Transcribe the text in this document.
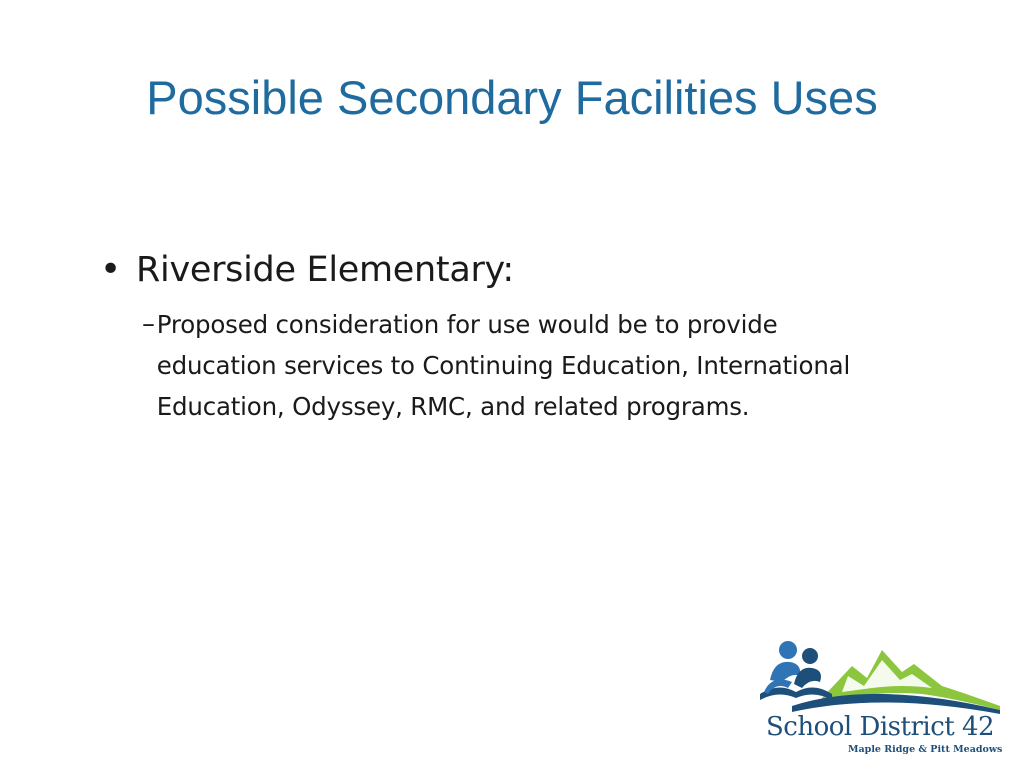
Possible Secondary Facilities Uses
• Riverside Elementary:
– Proposed consideration for use would be to provide education services to Continuing Education, International Education, Odyssey, RMC, and related programs.
School District 42
Maple Ridge & Pitt Meadows
